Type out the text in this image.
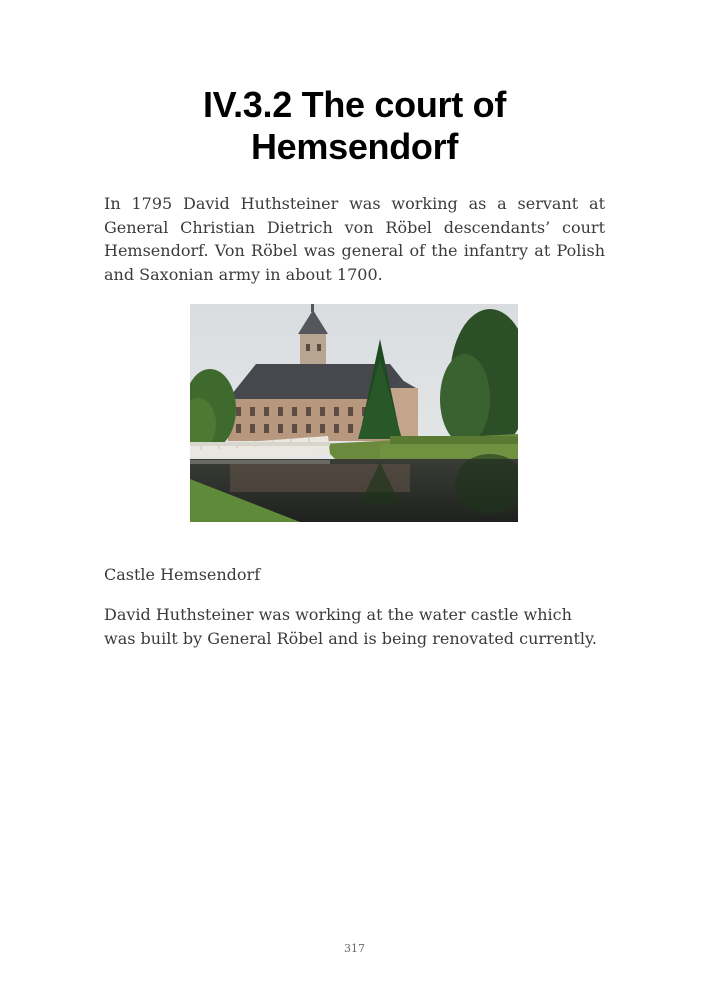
IV.3.2 The court of
Hemsendorf

In 1795 David Huthsteiner was working as a servant at General Christian Dietrich von Röbel descendants’ court Hemsendorf. Von Röbel was general of the infantry at Polish and Saxonian army in about 1700.

Castle Hemsendorf

David Huthsteiner was working at the water castle which was built by General Röbel and is being renovated currently.

317
